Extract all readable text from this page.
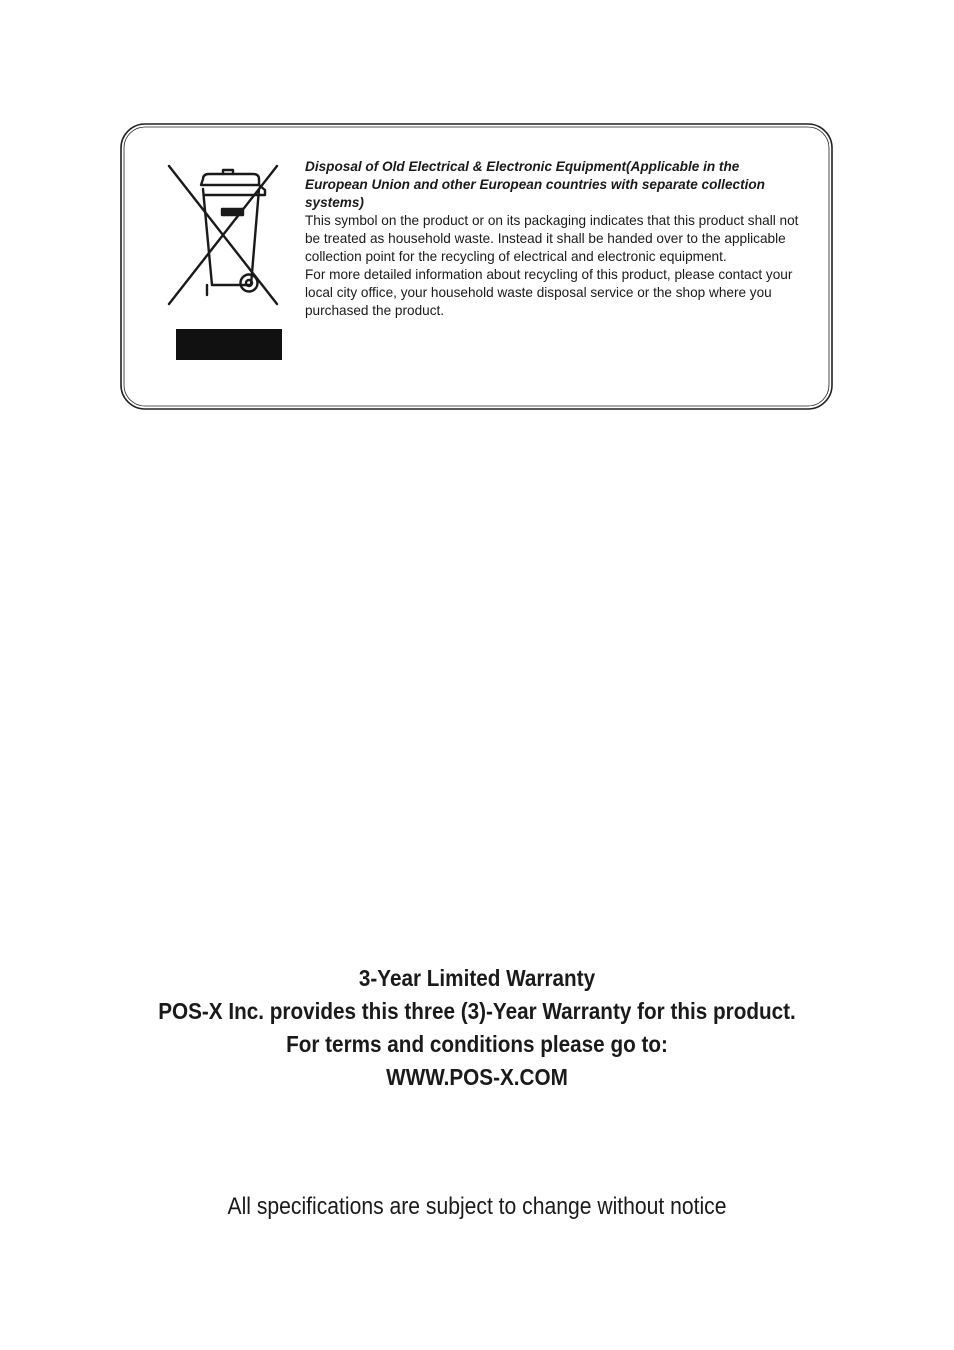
Disposal of Old Electrical & Electronic Equipment(Applicable in the European Union and other European countries with separate collection systems)

This symbol on the product or on its packaging indicates that this product shall not be treated as household waste. Instead it shall be handed over to the applicable collection point for the recycling of electrical and electronic equipment.

For more detailed information about recycling of this product, please contact your local city office, your household waste disposal service or the shop where you purchased the product.

3-Year Limited Warranty
POS-X Inc. provides this three (3)-Year Warranty for this product.
For terms and conditions please go to:
WWW.POS-X.COM
All specifications are subject to change without notice
